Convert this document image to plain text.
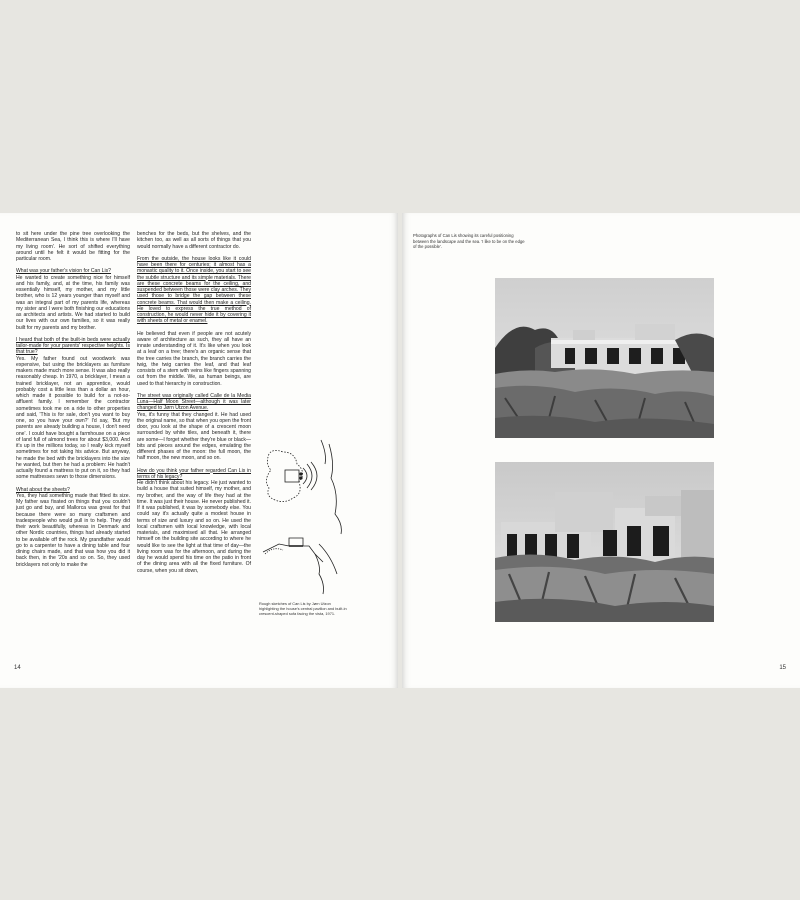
to sit here under the pine tree overlooking the Mediterranean Sea, I think this is where I'll have my living room'. He sort of shifted everything around until he felt it would be fitting for the particular room.

What was your father's vision for Can Lis?
He wanted to create something nice for himself and his family, and, at the time, his family was essentially himself, my mother, and my little brother, who is 12 years younger than myself and was an integral part of my parents life, whereas my sister and I were both finishing our educations as architects and artists. We had started to build our lives with our own families, so it was really built for my parents and my brother.

I heard that both of the built-in beds were actually tailor-made for your parents' respective heights. Is that true?
Yes. My father found out woodwork was expensive, but using the bricklayers as furniture makers made much more sense. It was also really reasonably cheap. In 1970, a bricklayer, I mean a trained bricklayer, not an apprentice, would probably cost a little less than a dollar an hour, which made it possible to build for a not-so-affluent family. I remember the contractor sometimes took me on a ride to other properties and said, 'This is for sale, don't you want to buy one, so you have your own?' I'd say, 'But my parents are already building a house, I don't need one'. I could have bought a farmhouse on a piece of land full of almond trees for about $3,000. And it's up in the millions today, so I really kick myself sometimes for not taking his advice. But anyway, he made the bed with the bricklayers into the size he wanted, but then he had a problem: He hadn't actually found a mattress to put on it, so they had some mattresses sewn to those dimensions.

What about the sheets?
Yes, they had something made that fitted its size. My father was fixated on things that you couldn't just go and buy, and Mallorca was great for that because there were so many craftsmen and tradespeople who would pull in to help. They did their work beautifully, whereas in Denmark and other Nordic countries, things had already started to be available off the rock. My grandfather would go to a carpenter to have a dining table and four dining chairs made, and that was how you did it back then, in the '20s and so on. So, they used bricklayers not only to make the

benches for the beds, but the shelves, and the kitchen too, as well as all sorts of things that you would normally have a different contractor do.

From the outside, the house looks like it could have been there for centuries; it almost has a monastic quality to it. Once inside, you start to see the subtle structure and its simple materials. There are these concrete beams for the ceiling, and suspended between those were clay arches. They used those to bridge the gap between these concrete beams. That would then make a ceiling. He loved to express the true method of construction, he would never hide it by covering it with sheets of metal or enamel.

He believed that even if people are not acutely aware of architecture as such, they all have an innate understanding of it. It's like when you look at a leaf on a tree; there's an organic sense that the tree carries the branch, the branch carries the twig, the twig carries the leaf, and that leaf consists of a stem with veins like fingers spanning out from the middle. We, as human beings, are used to that hierarchy in construction.

The street was originally called Calle de la Media Luna—Half Moon Street—although it was later changed to Jørn Utzon Avenue.
Yes, it's funny that they changed it. He had used the original name, so that when you open the front door, you look at the shape of a crescent moon surrounded by white tiles, and beneath it, there are some—I forget whether they're blue or black—bits and pieces around the edges, emulating the different phases of the moon: the full moon, the half moon, the new moon, and so on.

How do you think your father regarded Can Lis in terms of his legacy?
He didn't think about his legacy. He just wanted to build a house that suited himself, my mother, and my brother, and the way of life they had at the time. It was just their house. He never published it. If it was published, it was by somebody else. You could say it's actually quite a modest house in terms of size and luxury and so on. He used the local craftsmen with local knowledge, with local materials, and maximised all that. He arranged himself on the building site according to where he would like to see the light at that time of day—the living room was for the afternoon, and during the day he would spend his time on the patio in front of the dining area with all the fixed furniture. Of course, when you sit down,

Rough sketches of Can Lis by Jørn Utzon highlighting the house's central pavilion and built-in crescent-shaped sofa facing the vista, 1971.
14
Photographs of Can Lis showing its careful positioning between the landscape and the sea. 'I like to be on the edge of the possible'.
15
